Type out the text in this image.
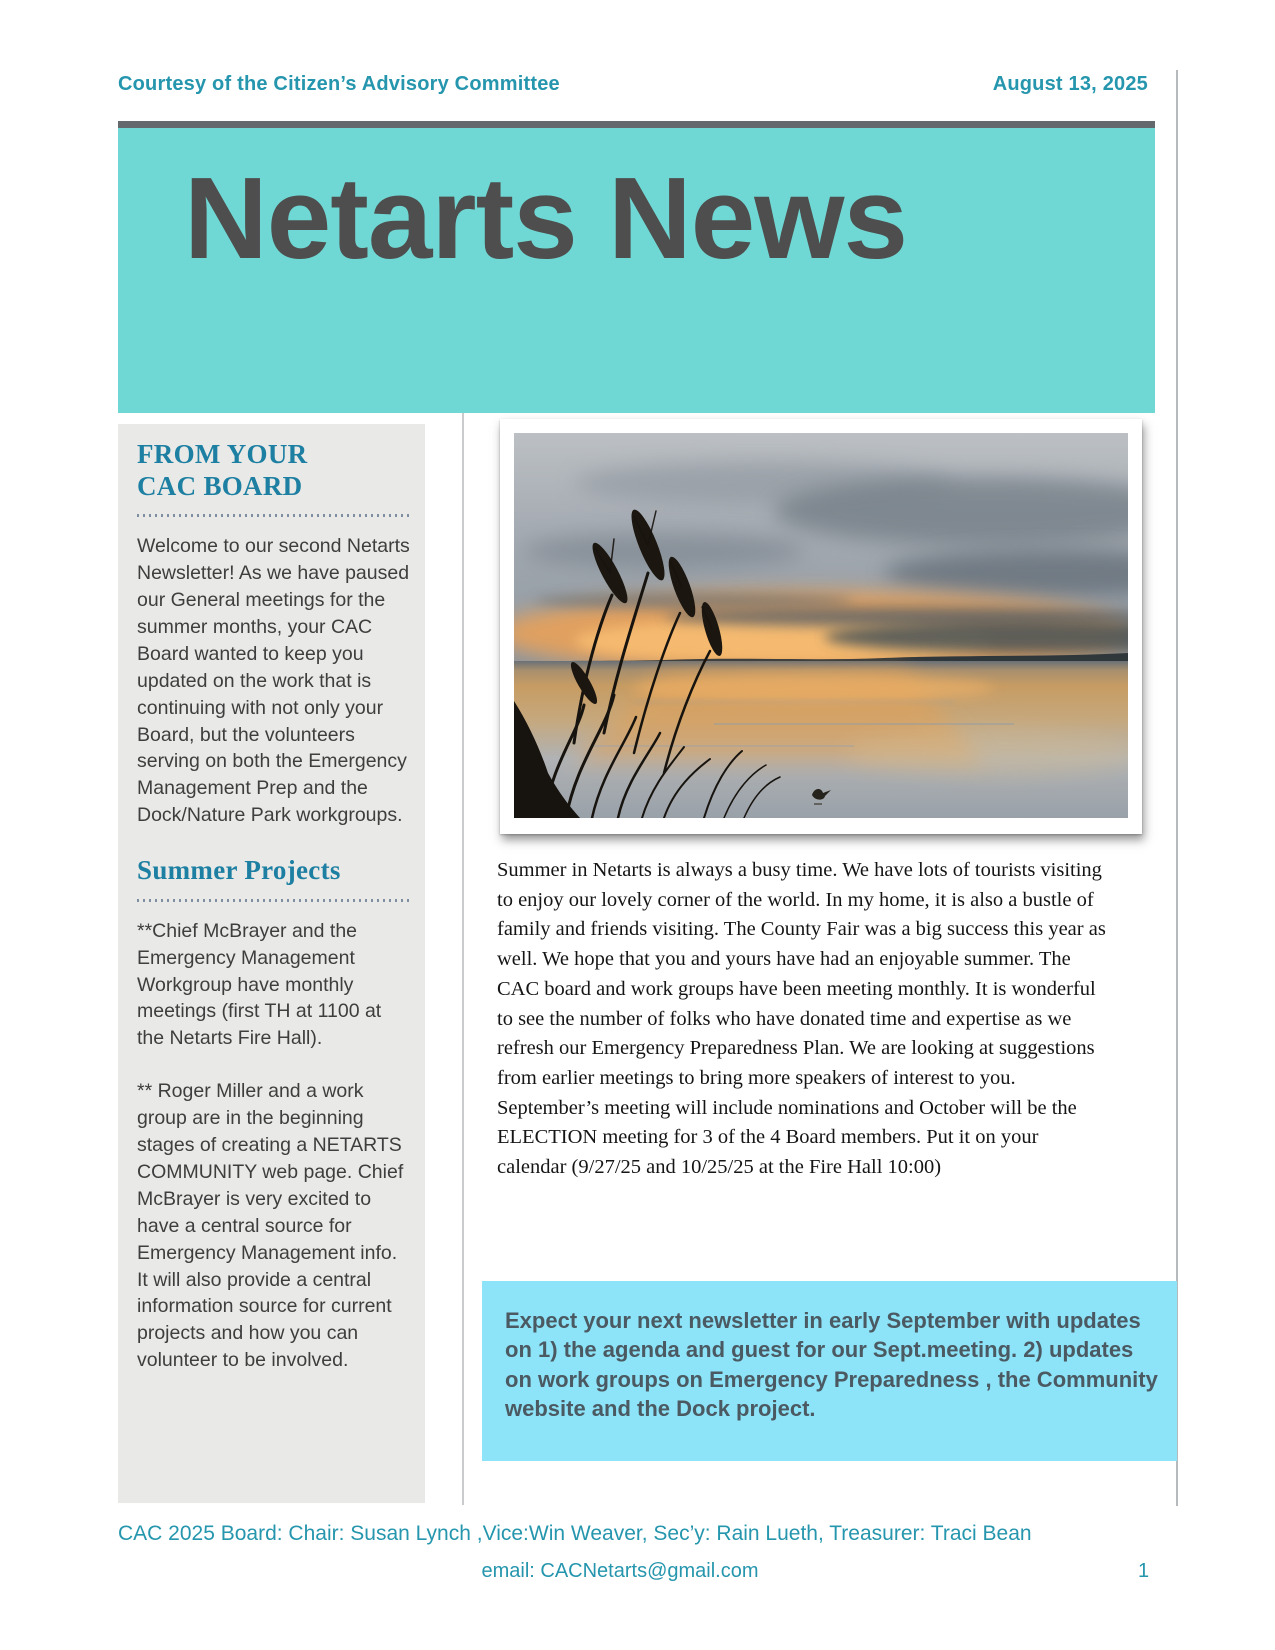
Courtesy of the Citizen’s Advisory Committee	August 13, 2025
Netarts News
FROM YOUR CAC BOARD

Welcome to our second Netarts Newsletter! As we have paused our General meetings for the summer months, your CAC Board wanted to keep you updated on the work that is continuing with not only your Board, but the volunteers serving on both the Emergency Management Prep and the Dock/Nature Park workgroups.

Summer Projects

**Chief McBrayer and the Emergency Management Workgroup have monthly meetings (first TH at 1100 at the Netarts Fire Hall).

** Roger Miller and a work group are in the beginning stages of creating a NETARTS COMMUNITY web page. Chief McBrayer is very excited to have a central source for Emergency Management info. It will also provide a central information source for current projects and how you can volunteer to be involved.

Summer in Netarts is always a busy time. We have lots of tourists visiting to enjoy our lovely corner of the world. In my home, it is also a bustle of family and friends visiting. The County Fair was a big success this year as well. We hope that you and yours have had an enjoyable summer. The CAC board and work groups have been meeting monthly. It is wonderful to see the number of folks who have donated time and expertise as we refresh our Emergency Preparedness Plan. We are looking at suggestions from earlier meetings to bring more speakers of interest to you. September’s meeting will include nominations and October will be the ELECTION meeting for 3 of the 4 Board members. Put it on your calendar (9/27/25 and 10/25/25 at the Fire Hall 10:00)

Expect your next newsletter in early September with updates on 1) the agenda and guest for our Sept.meeting. 2) updates on work groups on Emergency Preparedness , the Community website and the Dock project.

CAC 2025 Board: Chair: Susan Lynch ,Vice:Win Weaver, Sec’y: Rain Lueth, Treasurer: Traci Bean
email: CACNetarts@gmail.com	1
